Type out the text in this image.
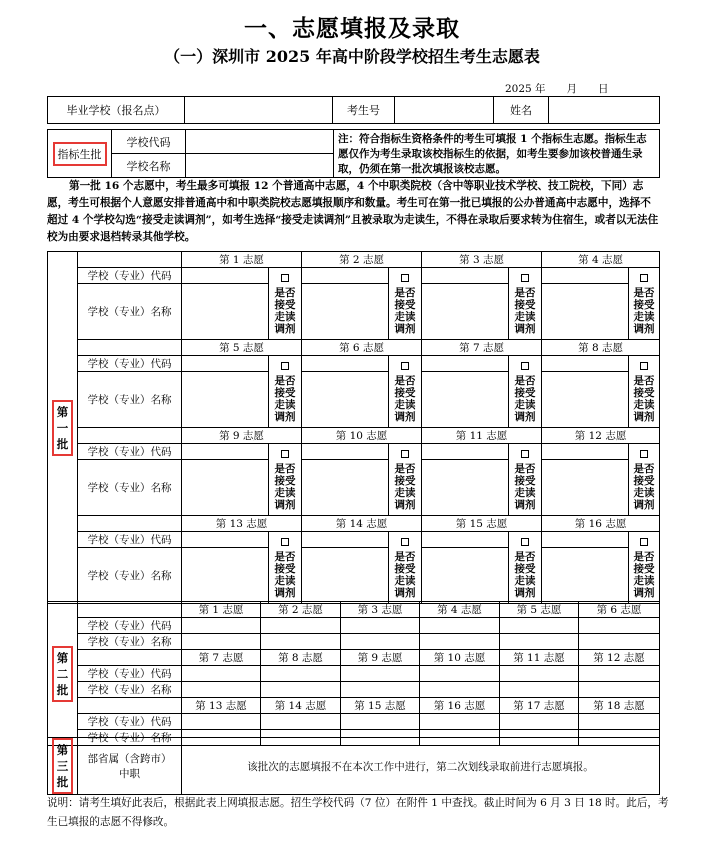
一、志愿填报及录取
（一）深圳市 2025 年高中阶段学校招生考生志愿表
2025 年　　月　　日
毕业学校（报名点）		考生号		姓名	
指标生批	学校代码		注：符合指标生资格条件的考生可填报 1 个指标生志愿。指标生志愿仅作为考生录取该校指标生的依据，如考生要参加该校普通生录取，仍须在第一批次填报该校志愿。
	学校名称		

第一批 16 个志愿中，考生最多可填报 12 个普通高中志愿，4 个中职类院校（含中等职业技术学校、技工院校，下同）志愿，考生可根据个人意愿安排普通高中和中职类院校志愿填报顺序和数量。考生可在第一批已填报的公办普通高中志愿中，选择不超过 4 个学校勾选“接受走读调剂”，如考生选择“接受走读调剂”且被录取为走读生，不得在录取后要求转为住宿生，或者以无法住校为由要求退档转录其他学校。

第
一
批		第 1 志愿		第 2 志愿		第 3 志愿		第 4 志愿	
	学校（专业）代码		是否
接受
走读
调剂		是否
接受
走读
调剂		是否
接受
走读
调剂		是否
接受
走读
调剂
	学校（专业）名称								
		第 5 志愿		第 6 志愿		第 7 志愿		第 8 志愿	
	学校（专业）代码		是否
接受
走读
调剂		是否
接受
走读
调剂		是否
接受
走读
调剂		是否
接受
走读
调剂
	学校（专业）名称								
		第 9 志愿		第 10 志愿		第 11 志愿		第 12 志愿	
	学校（专业）代码		是否
接受
走读
调剂		是否
接受
走读
调剂		是否
接受
走读
调剂		是否
接受
走读
调剂
	学校（专业）名称								
		第 13 志愿		第 14 志愿		第 15 志愿		第 16 志愿	
	学校（专业）代码		是否
接受
走读
调剂		是否
接受
走读
调剂		是否
接受
走读
调剂		是否
接受
走读
调剂
	学校（专业）名称								
第
二
批		第 1 志愿	第 2 志愿	第 3 志愿	第 4 志愿	第 5 志愿	第 6 志愿
	学校（专业）代码						
	学校（专业）名称						
		第 7 志愿	第 8 志愿	第 9 志愿	第 10 志愿	第 11 志愿	第 12 志愿
	学校（专业）代码						
	学校（专业）名称						
		第 13 志愿	第 14 志愿	第 15 志愿	第 16 志愿	第 17 志愿	第 18 志愿
	学校（专业）代码						
	学校（专业）名称						
第
三
批	部省属（含跨市）
中职	该批次的志愿填报不在本次工作中进行，第二次划线录取前进行志愿填报。

说明：请考生填好此表后，根据此表上网填报志愿。招生学校代码（7 位）在附件 1 中查找。截止时间为 6 月 3 日 18 时。此后，考生已填报的志愿不得修改。
